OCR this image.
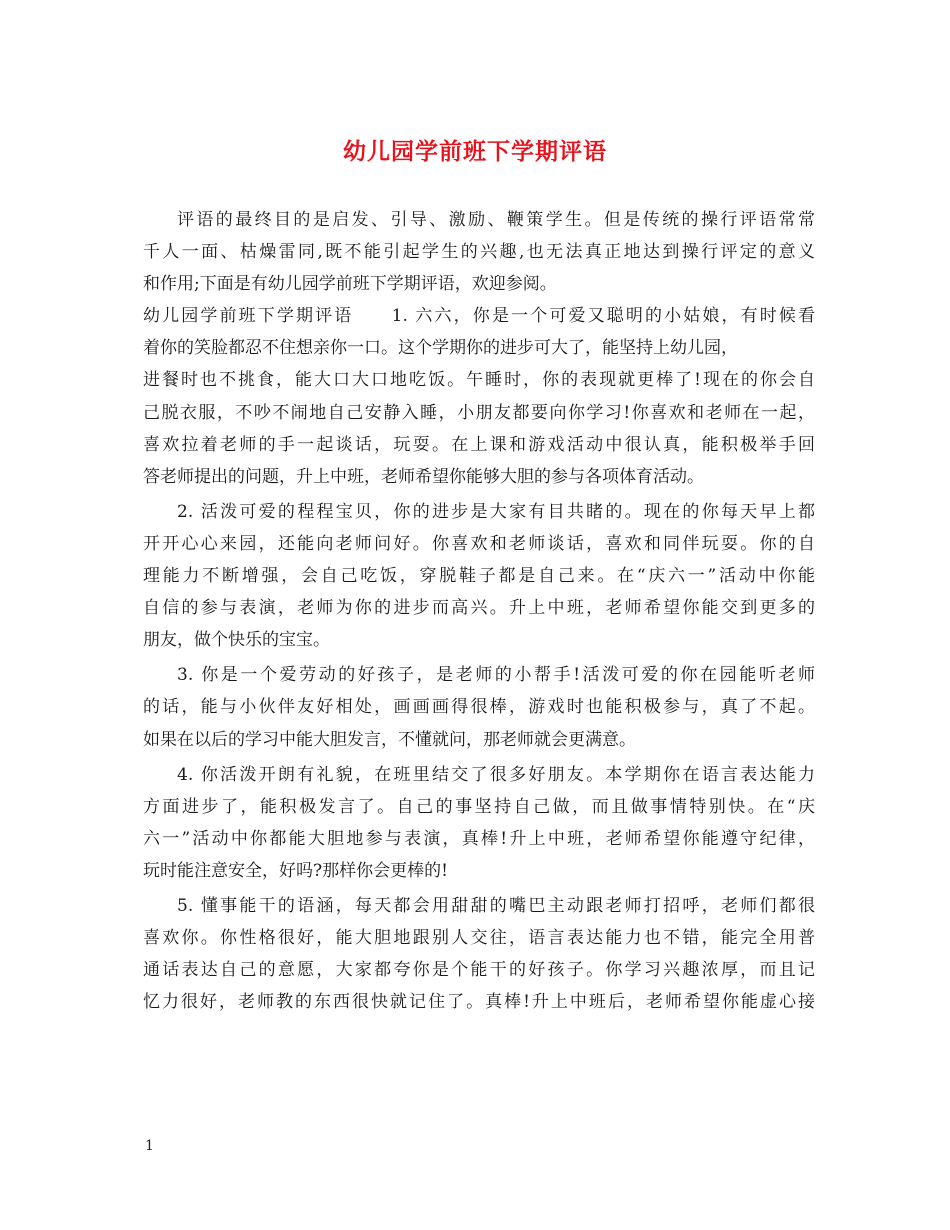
幼儿园学前班下学期评语
评语的最终目的是启发、引导、激励、鞭策学生。但是传统的操行评语常常
千人一面、枯燥雷同,既不能引起学生的兴趣,也无法真正地达到操行评定的意义
和作用;下面是有幼儿园学前班下学期评语，欢迎参阅。
幼儿园学前班下学期评语　　1. 六六，你是一个可爱又聪明的小姑娘，有时候看
着你的笑脸都忍不住想亲你一口。这个学期你的进步可大了，能坚持上幼儿园，
进餐时也不挑食，能大口大口地吃饭。午睡时，你的表现就更棒了!现在的你会自
己脱衣服，不吵不闹地自己安静入睡，小朋友都要向你学习!你喜欢和老师在一起，
喜欢拉着老师的手一起谈话，玩耍。在上课和游戏活动中很认真，能积极举手回
答老师提出的问题，升上中班，老师希望你能够大胆的参与各项体育活动。
2. 活泼可爱的程程宝贝，你的进步是大家有目共睹的。现在的你每天早上都
开开心心来园，还能向老师问好。你喜欢和老师谈话，喜欢和同伴玩耍。你的自
理能力不断增强，会自己吃饭，穿脱鞋子都是自己来。在“庆六一”活动中你能
自信的参与表演，老师为你的进步而高兴。升上中班，老师希望你能交到更多的
朋友，做个快乐的宝宝。
3. 你是一个爱劳动的好孩子，是老师的小帮手!活泼可爱的你在园能听老师
的话，能与小伙伴友好相处，画画画得很棒，游戏时也能积极参与，真了不起。
如果在以后的学习中能大胆发言，不懂就问，那老师就会更满意。
4. 你活泼开朗有礼貌，在班里结交了很多好朋友。本学期你在语言表达能力
方面进步了，能积极发言了。自己的事坚持自己做，而且做事情特别快。在“庆
六一”活动中你都能大胆地参与表演，真棒!升上中班，老师希望你能遵守纪律，
玩时能注意安全，好吗?那样你会更棒的!
5. 懂事能干的语涵，每天都会用甜甜的嘴巴主动跟老师打招呼，老师们都很
喜欢你。你性格很好，能大胆地跟别人交往，语言表达能力也不错，能完全用普
通话表达自己的意愿，大家都夸你是个能干的好孩子。你学习兴趣浓厚，而且记
忆力很好，老师教的东西很快就记住了。真棒!升上中班后，老师希望你能虚心接
1
